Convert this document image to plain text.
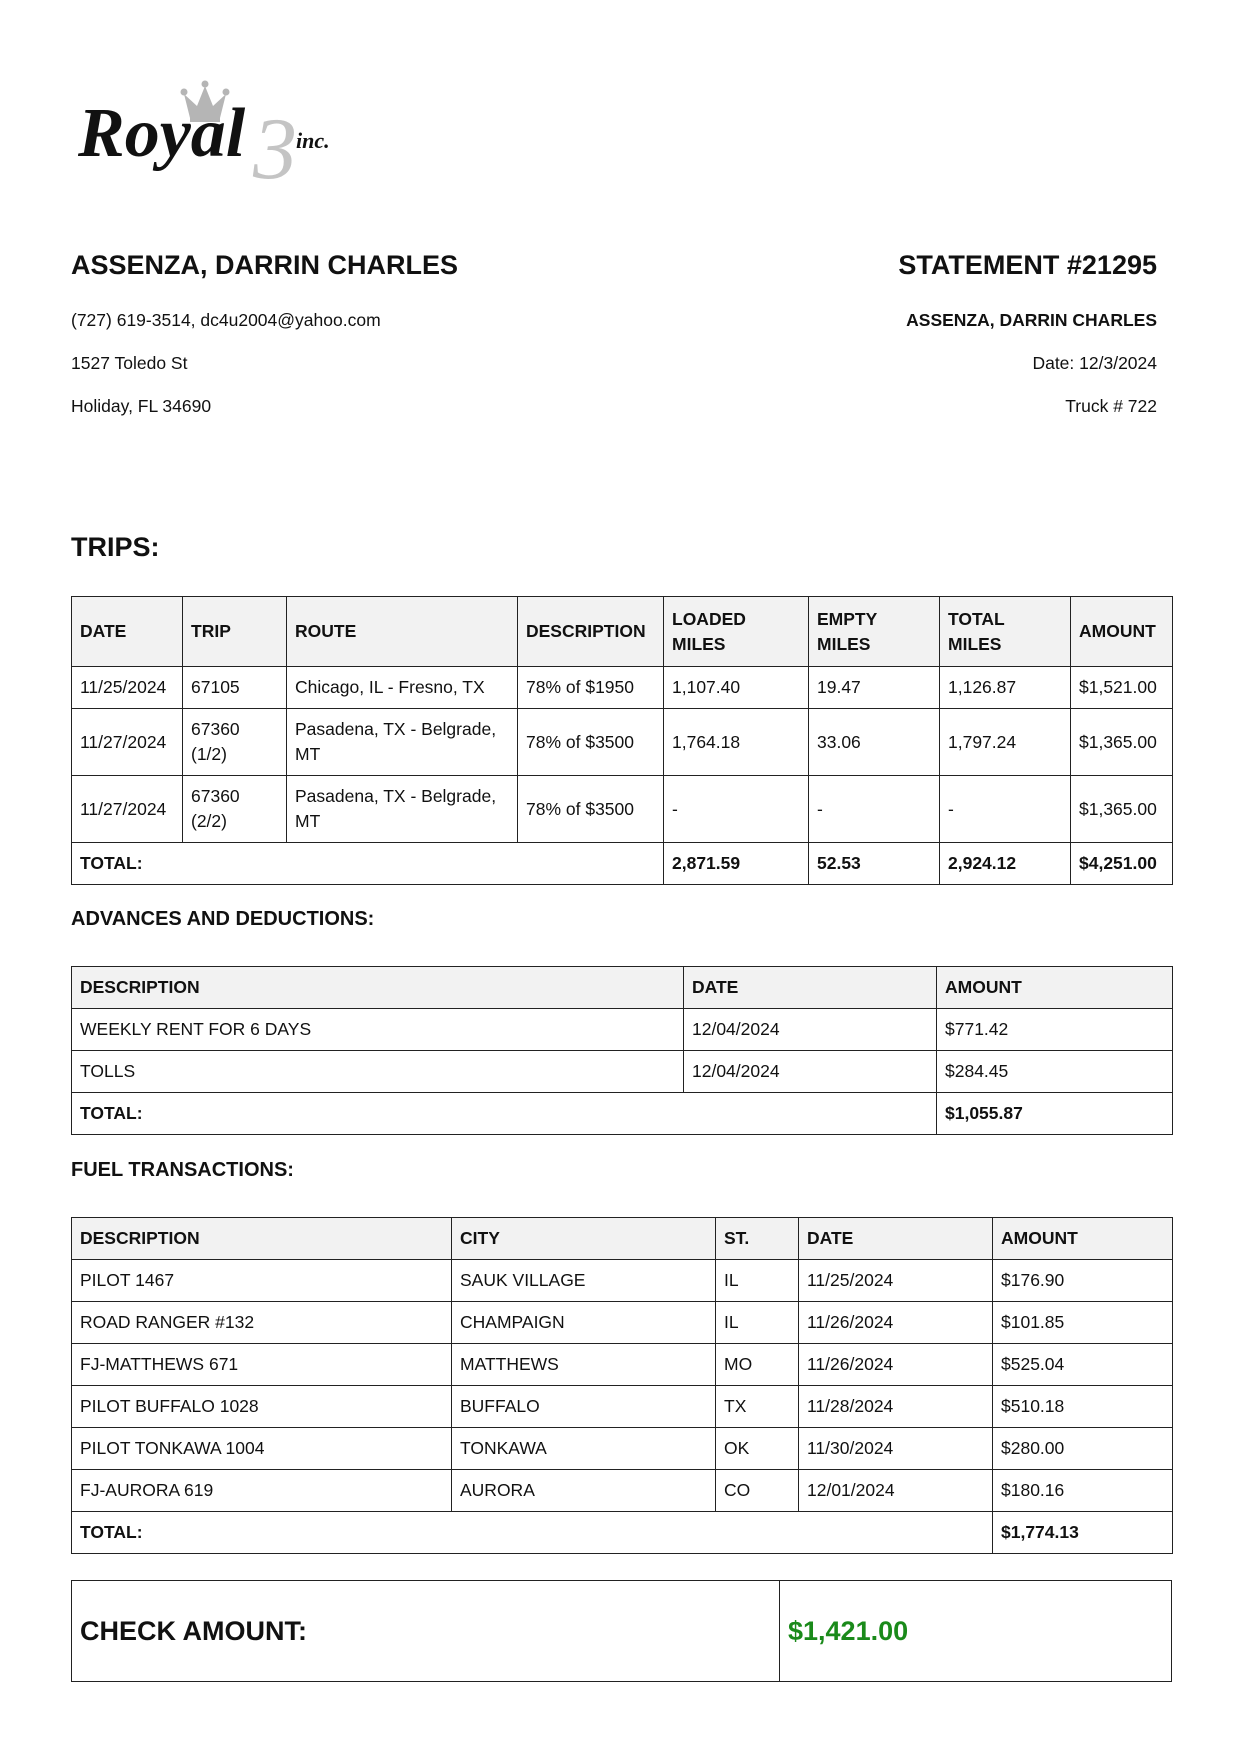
3
Royal inc.
ASSENZA, DARRIN CHARLES
(727) 619-3514, dc4u2004@yahoo.com
1527 Toledo St
Holiday, FL 34690
STATEMENT #21295
ASSENZA, DARRIN CHARLES
Date: 12/3/2024
Truck # 722
TRIPS:
DATE	TRIP	ROUTE	DESCRIPTION	LOADED MILES	EMPTY MILES	TOTAL MILES	AMOUNT
11/25/2024	67105	Chicago, IL - Fresno, TX	78% of $1950	1,107.40	19.47	1,126.87	$1,521.00
11/27/2024	67360 (1/2)	Pasadena, TX - Belgrade, MT	78% of $3500	1,764.18	33.06	1,797.24	$1,365.00
11/27/2024	67360 (2/2)	Pasadena, TX - Belgrade, MT	78% of $3500	-	-	-	$1,365.00
TOTAL:				2,871.59	52.53	2,924.12	$4,251.00
ADVANCES AND DEDUCTIONS:
DESCRIPTION	DATE	AMOUNT
WEEKLY RENT FOR 6 DAYS	12/04/2024	$771.42
TOLLS	12/04/2024	$284.45
TOTAL:		$1,055.87
FUEL TRANSACTIONS:
DESCRIPTION	CITY	ST.	DATE	AMOUNT
PILOT 1467	SAUK VILLAGE	IL	11/25/2024	$176.90
ROAD RANGER #132	CHAMPAIGN	IL	11/26/2024	$101.85
FJ-MATTHEWS 671	MATTHEWS	MO	11/26/2024	$525.04
PILOT BUFFALO 1028	BUFFALO	TX	11/28/2024	$510.18
PILOT TONKAWA 1004	TONKAWA	OK	11/30/2024	$280.00
FJ-AURORA 619	AURORA	CO	12/01/2024	$180.16
TOTAL:				$1,774.13
CHECK AMOUNT:	$1,421.00
